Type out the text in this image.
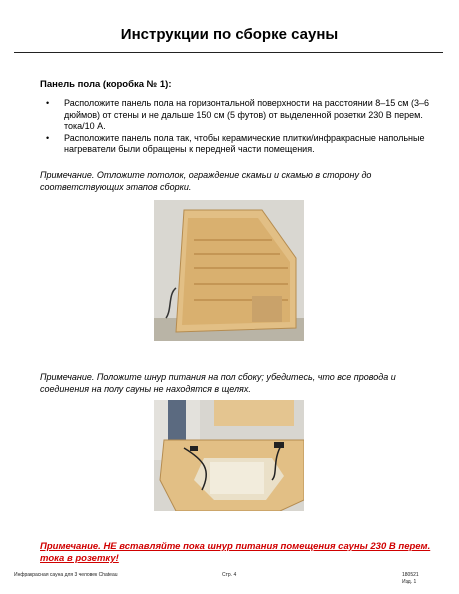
Инструкции по сборке сауны
Панель пола (коробка № 1):
• Расположите панель пола на горизонтальной поверхности на расстоянии 8–15 см (3–6 дюймов) от стены и не дальше 150 см (5 футов) от выделенной розетки 230 В перем. тока/10 А.
• Расположите панель пола так, чтобы керамические плитки/инфракрасные напольные нагреватели были обращены к передней части помещения.
Примечание. Отложите потолок, ограждение скамьи и скамью в сторону до соответствующих этапов сборки.
Примечание. Положите шнур питания на пол сбоку; убедитесь, что все провода и соединения на полу сауны не находятся в щелях.
Примечание. НЕ вставляйте пока шнур питания помещения сауны 230 В перем. тока в розетку!
Инфракрасная сауна для 3 человек Chateau	Стр. 4	180521
Изд. 1
